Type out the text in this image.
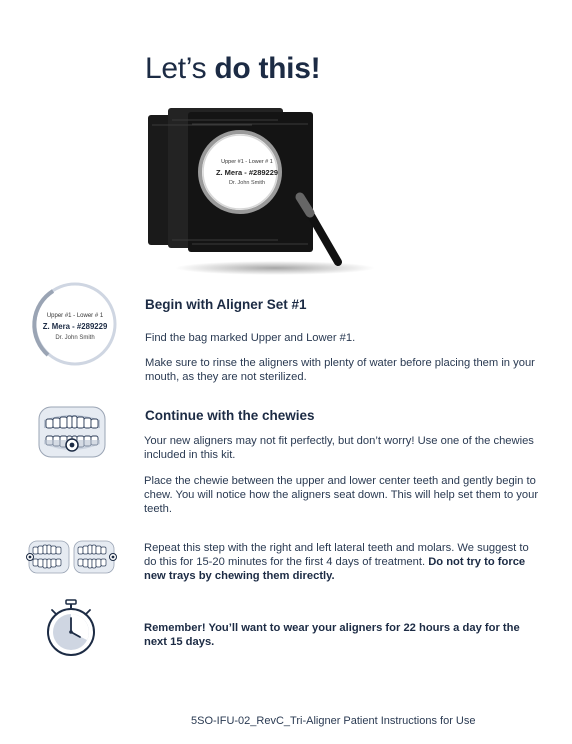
Let’s do this!
Upper #1 - Lower # 1
Z. Mera - #289229
Dr. John Smith
Upper #1 - Lower # 1
Z. Mera - #289229
Dr. John Smith
Begin with Aligner Set #1

Find the bag marked Upper and Lower #1.

Make sure to rinse the aligners with plenty of water before placing them in your mouth, as they are not sterilized.

Continue with the chewies

Your new aligners may not fit perfectly, but don’t worry! Use one of the chewies included in this kit.

Place the chewie between the upper and lower center teeth and gently begin to chew. You will notice how the aligners seat down. This will help set them to your teeth.

Repeat this step with the right and left lateral teeth and molars. We suggest to do this for 15-20 minutes for the first 4 days of treatment. Do not try to force new trays by chewing them directly.

Remember! You’ll want to wear your aligners for 22 hours a day for the next 15 days.

5SO-IFU-02_RevC_Tri-Aligner Patient Instructions for Use
